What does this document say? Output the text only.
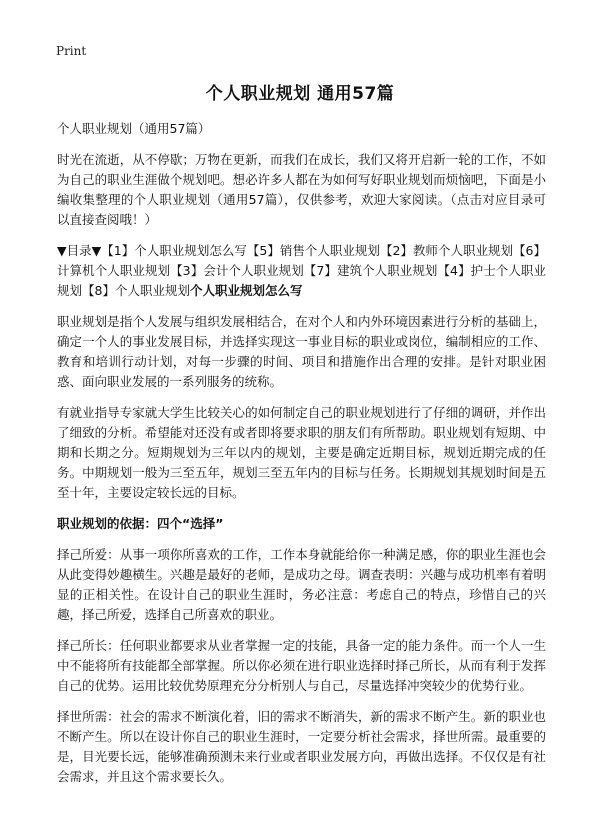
Print
个人职业规划 通用57篇
个人职业规划（通用57篇）

时光在流逝，从不停歇；万物在更新，而我们在成长，我们又将开启新一轮的工作，不如为自己的职业生涯做个规划吧。想必许多人都在为如何写好职业规划而烦恼吧，下面是小编收集整理的个人职业规划（通用57篇），仅供参考，欢迎大家阅读。（点击对应目录可以直接查阅哦！）

▼目录▼【1】个人职业规划怎么写【5】销售个人职业规划【2】教师个人职业规划【6】计算机个人职业规划【3】会计个人职业规划【7】建筑个人职业规划【4】护士个人职业规划【8】个人职业规划个人职业规划怎么写

职业规划是指个人发展与组织发展相结合，在对个人和内外环境因素进行分析的基础上，确定一个人的事业发展目标，并选择实现这一事业目标的职业或岗位，编制相应的工作、教育和培训行动计划，对每一步骤的时间、项目和措施作出合理的安排。是针对职业困惑、面向职业发展的一系列服务的统称。

有就业指导专家就大学生比较关心的如何制定自己的职业规划进行了仔细的调研，并作出了细致的分析。希望能对还没有或者即将要求职的朋友们有所帮助。职业规划有短期、中期和长期之分。短期规划为三年以内的规划，主要是确定近期目标，规划近期完成的任务。中期规划一般为三至五年，规划三至五年内的目标与任务。长期规划其规划时间是五至十年，主要设定较长远的目标。

职业规划的依据：四个“选择”

择己所爱：从事一项你所喜欢的工作，工作本身就能给你一种满足感，你的职业生涯也会从此变得妙趣横生。兴趣是最好的老师，是成功之母。调查表明：兴趣与成功机率有着明显的正相关性。在设计自己的职业生涯时，务必注意：考虑自己的特点，珍惜自己的兴趣，择己所爱，选择自己所喜欢的职业。

择己所长：任何职业都要求从业者掌握一定的技能，具备一定的能力条件。而一个人一生中不能将所有技能都全部掌握。所以你必须在进行职业选择时择己所长，从而有利于发挥自己的优势。运用比较优势原理充分分析别人与自己，尽量选择冲突较少的优势行业。

择世所需：社会的需求不断演化着，旧的需求不断消失，新的需求不断产生。新的职业也不断产生。所以在设计你自己的职业生涯时，一定要分析社会需求，择世所需。最重要的是，目光要长远，能够准确预测未来行业或者职业发展方向，再做出选择。不仅仅是有社会需求，并且这个需求要长久。
